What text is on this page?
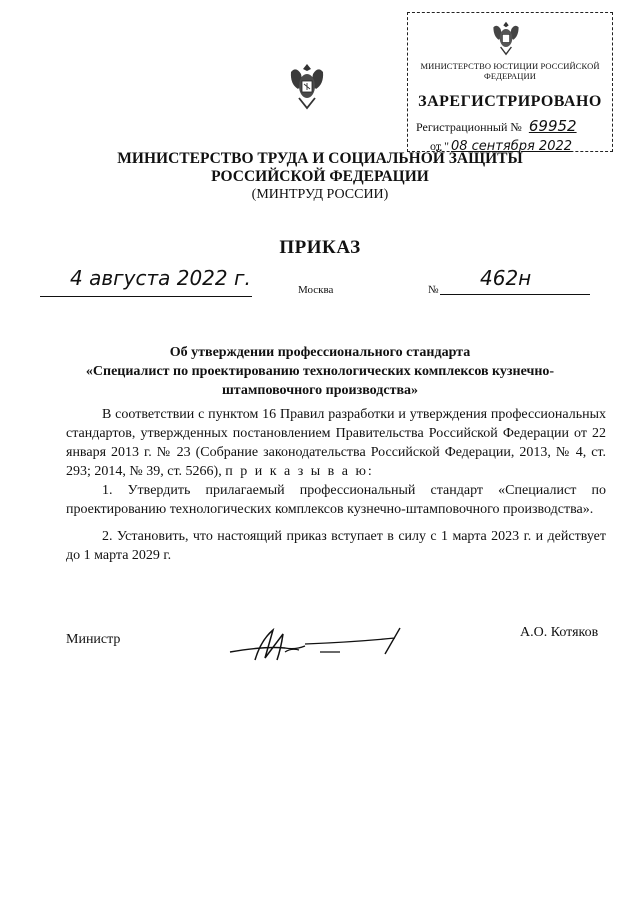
МИНИСТЕРСТВО ЮСТИЦИИ РОССИЙСКОЙ ФЕДЕРАЦИИ
ЗАРЕГИСТРИРОВАНО
Регистрационный № 69952
от " 08 сентября 2022
МИНИСТЕРСТВО ТРУДА И СОЦИАЛЬНОЙ ЗАЩИТЫ
РОССИЙСКОЙ ФЕДЕРАЦИИ
(МИНТРУД РОССИИ)
ПРИКАЗ
4 августа 2022 г.	Москва	№ 462н
Об утверждении профессионального стандарта
«Специалист по проектированию технологических комплексов кузнечно-
штамповочного производства»

В соответствии с пунктом 16 Правил разработки и утверждения профессиональных стандартов, утвержденных постановлением Правительства Российской Федерации от 22 января 2013 г. № 23 (Собрание законодательства Российской Федерации, 2013, № 4, ст. 293; 2014, № 39, ст. 5266), п р и к а з ы в а ю:

1. Утвердить прилагаемый профессиональный стандарт «Специалист по проектированию технологических комплексов кузнечно-штамповочного производства».

2. Установить, что настоящий приказ вступает в силу с 1 марта 2023 г. и действует до 1 марта 2029 г.

Министр	А.О. Котяков
